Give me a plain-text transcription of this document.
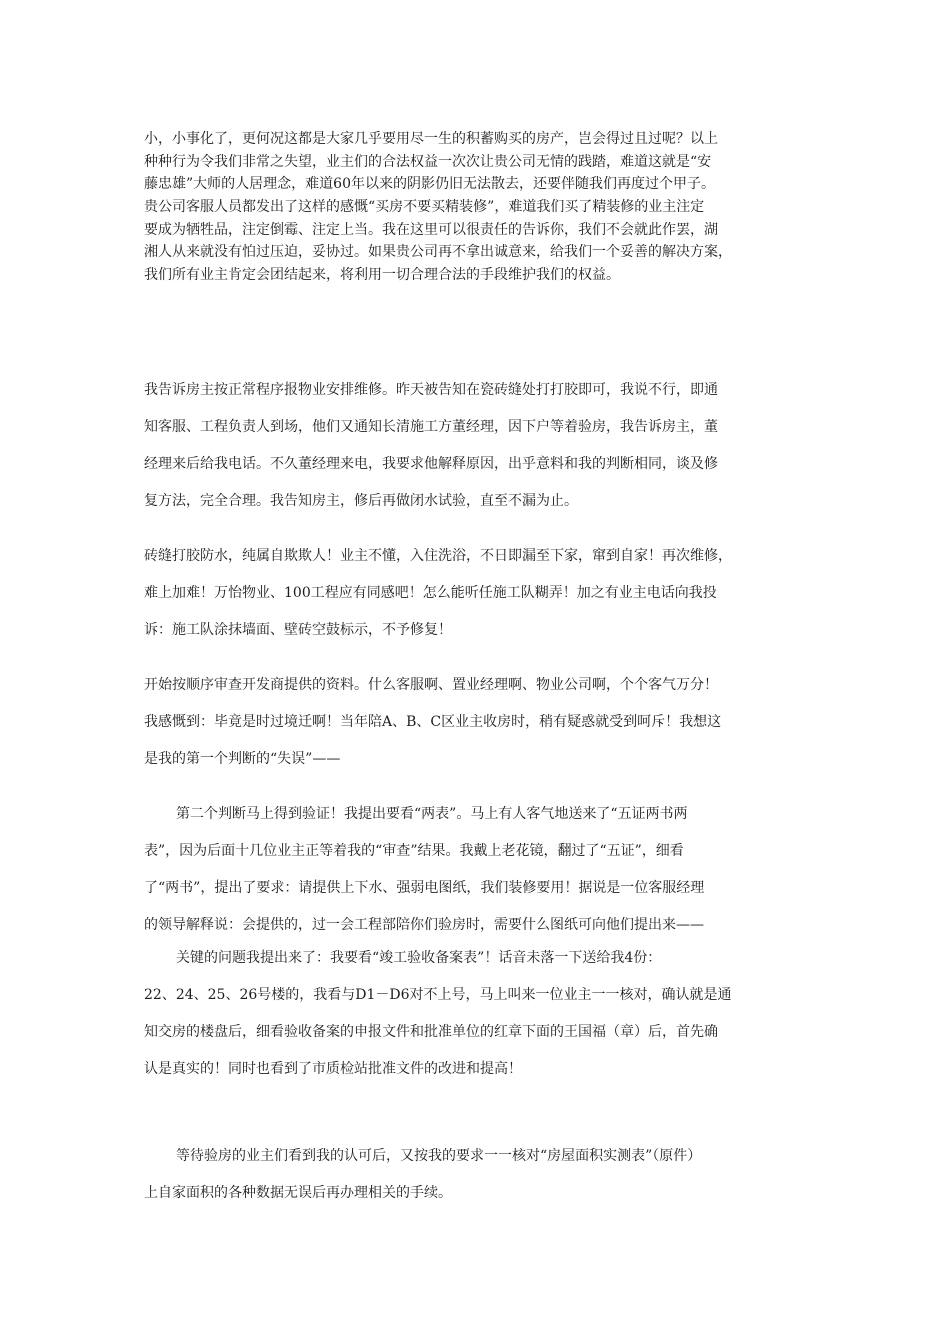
小，小事化了，更何况这都是大家几乎要用尽一生的积蓄购买的房产，岂会得过且过呢？以上
种种行为令我们非常之失望，业主们的合法权益一次次让贵公司无情的践踏，难道这就是“安
藤忠雄”大师的人居理念，难道60年以来的阴影仍旧无法散去，还要伴随我们再度过个甲子。
贵公司客服人员都发出了这样的感慨“买房不要买精装修”，难道我们买了精装修的业主注定
要成为牺牲品，注定倒霉、注定上当。我在这里可以很责任的告诉你，我们不会就此作罢，湖
湘人从来就没有怕过压迫，妥协过。如果贵公司再不拿出诚意来，给我们一个妥善的解决方案，
我们所有业主肯定会团结起来，将利用一切合理合法的手段维护我们的权益。
我告诉房主按正常程序报物业安排维修。昨天被告知在瓷砖缝处打打胶即可，我说不行，即通
知客服、工程负责人到场，他们又通知长清施工方董经理，因下户等着验房，我告诉房主，董
经理来后给我电话。不久董经理来电，我要求他解释原因，出乎意料和我的判断相同，谈及修
复方法，完全合理。我告知房主，修后再做闭水试验，直至不漏为止。
砖缝打胶防水，纯属自欺欺人！业主不懂，入住洗浴，不日即漏至下家，窜到自家！再次维修，
难上加难！万怡物业、100工程应有同感吧！怎么能听任施工队糊弄！加之有业主电话向我投
诉：施工队涂抹墙面、壁砖空鼓标示，不予修复！
开始按顺序审查开发商提供的资料。什么客服啊、置业经理啊、物业公司啊，个个客气万分！
我感慨到：毕竟是时过境迁啊！当年陪A、B、C区业主收房时，稍有疑惑就受到呵斥！我想这
是我的第一个判断的“失误”——
第二个判断马上得到验证！我提出要看“两表”。马上有人客气地送来了“五证两书两
表”，因为后面十几位业主正等着我的“审查”结果。我戴上老花镜，翻过了“五证”，细看
了“两书”，提出了要求：请提供上下水、强弱电图纸，我们装修要用！据说是一位客服经理
的领导解释说：会提供的，过一会工程部陪你们验房时，需要什么图纸可向他们提出来——
关键的问题我提出来了：我要看“竣工验收备案表”！话音未落一下送给我4份：
22、24、25、26号楼的，我看与D1－D6对不上号，马上叫来一位业主一一核对，确认就是通
知交房的楼盘后，细看验收备案的申报文件和批准单位的红章下面的王国福（章）后，首先确
认是真实的！同时也看到了市质检站批准文件的改进和提高！
等待验房的业主们看到我的认可后，又按我的要求一一核对“房屋面积实测表”（原件）
上自家面积的各种数据无误后再办理相关的手续。
